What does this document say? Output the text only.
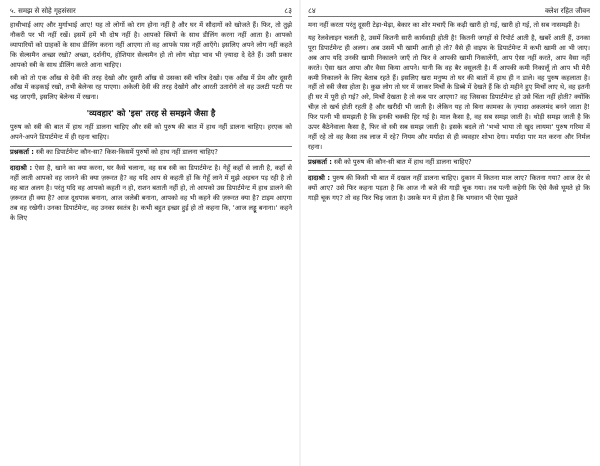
५. समझ से सोहे गृहसंसार	८३

हाथीभाई आए और मुर्गाभाई आए! यह तो लोगों को राग होना नहीं है और घर में सौदागों को खोजते हैं। फिर, तो तुझे नौकरी पर भी नहीं रखें। इसमें हमें भी दोष नहीं है। आपको स्त्रियों के साथ डीलिंग करना नहीं आता है। आपको व्यापारियों को ग्राहकों के साथ डीलिंग करना नहीं आएगा तो वह आपके पास नहीं आएँगे। इसलिए अपने लोग नहीं कहते कि सेल्समैन अच्छा रखो? अच्छा, दर्शनीय, होशियार सेल्समैन हो तो लोग थोड़ा भाव भी ज़्यादा दे देते हैं। उसी प्रकार आपको स्त्री के साथ डीलिंग करते आना चाहिए।

स्त्री को तो एक आँख से देवी की तरह देखो और दूसरी आँख से उसका स्त्री चरित्र देखो। एक आँख में प्रेम और दूसरी आँख में कड़काई रखो, तभी बेलेन्स रह पाएगा। अकेली देवी की तरह देखोगे और आरती उतारोगे तो वह उलटी पटरी पर चढ़ जाएगी, इसलिए बेलेन्स में रखना।

'व्यवहार' को 'इस' तरह से समझने जैसा है

पुरुष को स्त्री की बात में हाथ नहीं डालना चाहिए और स्त्री को पुरुष की बात में हाथ नहीं डालना चाहिए। हरएक को अपने-अपने डिपार्टमेन्ट में ही रहना चाहिए।

प्रश्नकर्ता : स्त्री का डिपार्टमेन्ट कौन-सा? किस-किसमें पुरुषों को हाथ नहीं डालना चाहिए?

दादाश्री : ऐसा है, खाने का क्या करना, घर कैसे चलाना, वह सब स्त्री का डिपार्टमेन्ट है। गेहूँ कहाँ से लाती है, कहाँ से नहीं लाती आपको वह जानने की क्या ज़रूरत है? वह यदि आप से कहती हों कि गेहूँ लाने में मुझे अड़चन पड़ रही है तो वह बात अलग है। परंतु यदि वह आपको कहती न हो, राशन बताती नहीं हो, तो आपको उस डिपार्टमेन्ट में हाथ डालने की ज़रूरत ही क्या है? आज दूधपाक बनाना, आज जलेबी बनाना, आपको वह भी कहने की ज़रूरत क्या है? टाइम आएगा तब वह रखेगी। उनका डिपार्टमेन्ट, वह उनका स्वतंत्र है। कभी बहुत इच्छा हुई हो तो कहना कि, 'आज लड्डू बनाना।' कहने के लिए

८४	क्लेश रहित जीवन

मना नहीं करता परंतु दूसरी टेढ़ा-मेढ़ा, बेकार का शोर मचाएँ कि कढ़ी खारी हो गई, खारी हो गई, तो सब नासमझी है।

यह रेलवेलाइन चलती है, उसमें कितनी सारी कार्यवाही होती है! कितनी जगहों से रिपोर्ट आती है, खबरें आती हैं, उनका पूरा डिपार्टमेन्ट ही अलग। अब उसमें भी खामी आती हो तो? वैसे ही वाइफ के डिपार्टमेन्ट में कभी खामी आ भी जाए। अब आप यदि उनकी खामी निकालने जाएँ तो फिर वे आपकी खामी निकालेंगी, आप ऐसा नहीं करते, आप वैसा नहीं करते। ऐसा खत आया और वैसा किया आपने। यानी कि वह बैर वसूलती है। मैं आपकी कमी निकालूँ तो आप भी मेरी कमी निकालने के लिए बेताब रहते हैं। इसलिए खरा मनुष्य तो घर की बातों में हाथ ही न डाले। वह पुरुष कहलाता है। नहीं तो स्त्री जैसा होता है। कुछ लोग तो घर में जाकर मिर्चों के डिब्बे में देखते हैं कि दो महीने हुए मिर्चों लाए थे, वह इतनी ही घर में पूरी हो गई? अरे, मिर्चों देखता है तो कब पार आएगा? वह जिसका डिपार्टमेन्ट हो उसे चिंता नहीं होती? क्योंकि चीज़ तो खर्च होती रहती है और खरीदी भी जाती है। लेकिन यह तो बिना कामका के ज़्यादा अकलमंद बनने जाता है! फिर पत्नी भी समझती है कि इनकी चक्की हिर गई है। माल कैसा है, वह सब समझ जाती है। थोड़ी समझ जाती है कि ऊपर बैठेनेवाला कैसा है, फिर वो स्त्री सब समझ जाती है। इसके बदले तो 'भभो भाया तो खुद लायमा' पुरुष गरिमा में नहीं रहे तो वह कैसा तब लाज में रहे? नियम और मर्यादा से ही व्यवहार शोभा देगा। मर्यादा पार मत करना और निर्मल रहना।

प्रश्नकर्ता : स्त्री को पुरुष की कौन-सी बात में हाथ नहीं डालना चाहिए?

दादाश्री : पुरुष की किसी भी बात में दखल नहीं डालना चाहिए। दुकान में कितना माल लाए? कितना गया? आज देर से क्यों आए? उसे फिर कहना पड़ता है कि आज नौ बजे की गाड़ी चूक गया। तब पत्नी कहेगी कि ऐसे कैसे घूमते हो कि गाड़ी चूक गए? तो वह फिर चिढ़ जाता है। उसके मन में होता है कि भगवान भी ऐसा पूछते
